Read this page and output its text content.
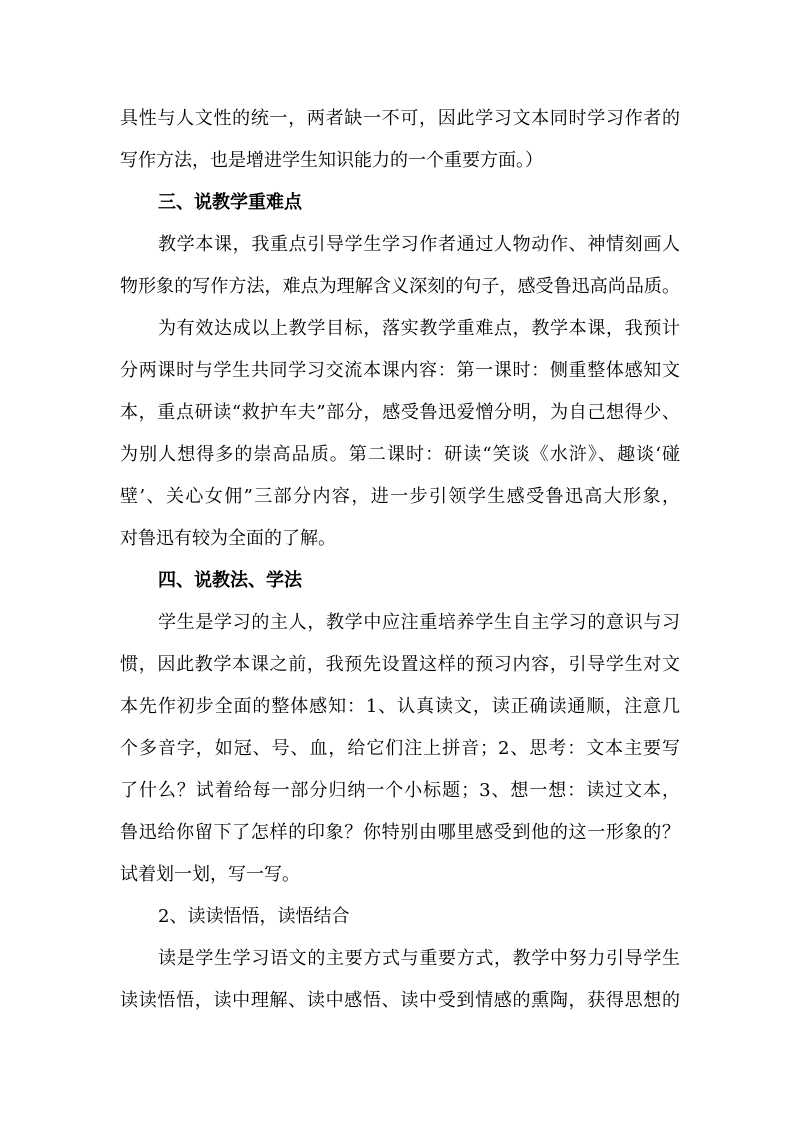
具性与人文性的统一，两者缺一不可，因此学习文本同时学习作者的
写作方法，也是增进学生知识能力的一个重要方面。）
三、说教学重难点
教学本课，我重点引导学生学习作者通过人物动作、神情刻画人
物形象的写作方法，难点为理解含义深刻的句子，感受鲁迅高尚品质。
为有效达成以上教学目标，落实教学重难点，教学本课，我预计
分两课时与学生共同学习交流本课内容：第一课时：侧重整体感知文
本，重点研读“救护车夫”部分，感受鲁迅爱憎分明，为自己想得少、
为别人想得多的崇高品质。第二课时：研读“笑谈《水浒》、趣谈‘碰
壁’、关心女佣”三部分内容，进一步引领学生感受鲁迅高大形象，
对鲁迅有较为全面的了解。
四、说教法、学法
学生是学习的主人，教学中应注重培养学生自主学习的意识与习
惯，因此教学本课之前，我预先设置这样的预习内容，引导学生对文
本先作初步全面的整体感知：1、认真读文，读正确读通顺，注意几
个多音字，如冠、号、血，给它们注上拼音；2、思考：文本主要写
了什么？试着给每一部分归纳一个小标题；3、想一想：读过文本，
鲁迅给你留下了怎样的印象？你特别由哪里感受到他的这一形象的？
试着划一划，写一写。
2、读读悟悟，读悟结合
读是学生学习语文的主要方式与重要方式，教学中努力引导学生
读读悟悟，读中理解、读中感悟、读中受到情感的熏陶，获得思想的
